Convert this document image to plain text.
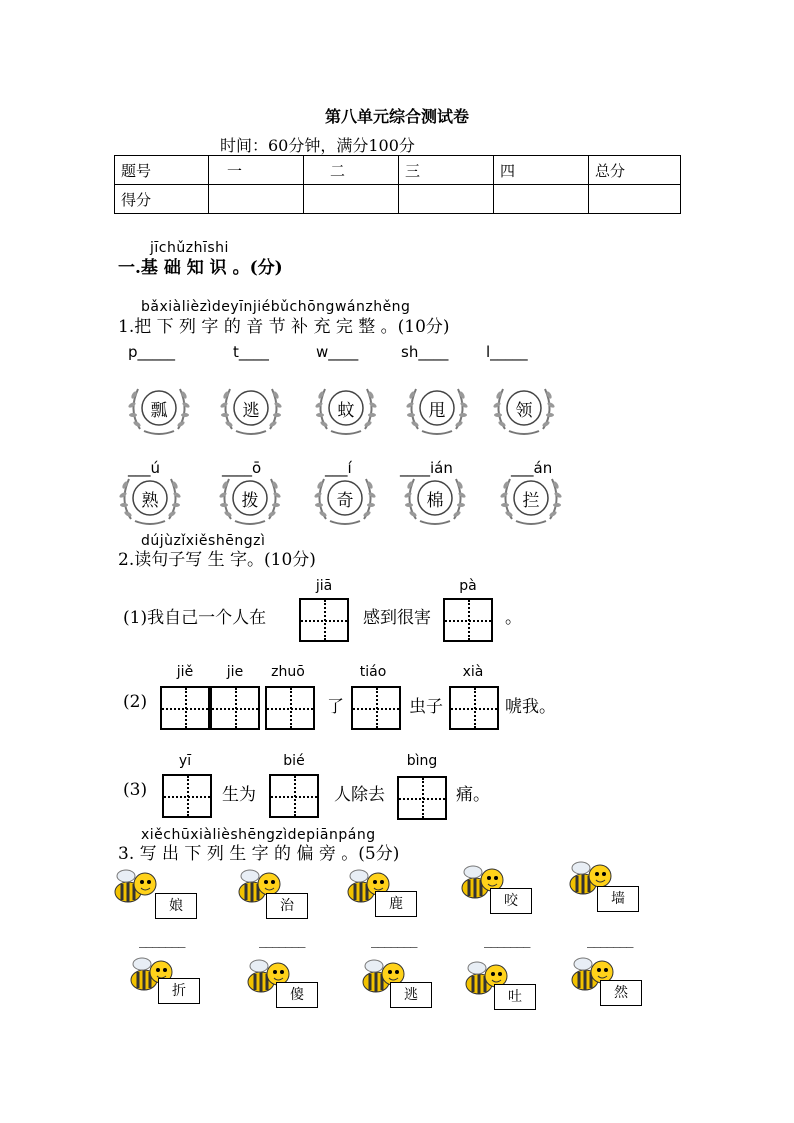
第八单元综合测试卷
时间：60分钟，满分100分
题号	一	二	三	四	总分
得分					
jīchǔzhīshi
一.基 础 知 识 。(分)
bǎxiàlièzìdeyīnjiébǔchōngwánzhěng
1.把 下 列 字 的 音 节 补 充 完 整 。(10分)
p_____	t____	w____	sh____	l_____
瓢	逃	蚊	甩	领
___ú	____ō	___í	____ián	___án
熟	拨	奇	棉	拦
dújùzǐxiěshēngzì
2.读句子写 生 字。(10分)
jiā	pà
(1)我自己一个人在	感到很害	。
jiě	jie	zhuō	tiáo	xià
(2)	了	虫子	唬我。
yī	bié	bìng
(3)	生为	人除去	痛。
xiěchūxiàlièshēngzìdepiānpáng
3. 写 出 下 列 生 字 的 偏 旁 。(5分)
娘	治	鹿	咬	墙
_______	_______	_______	_______	_______
折	傻	逃	吐	然
